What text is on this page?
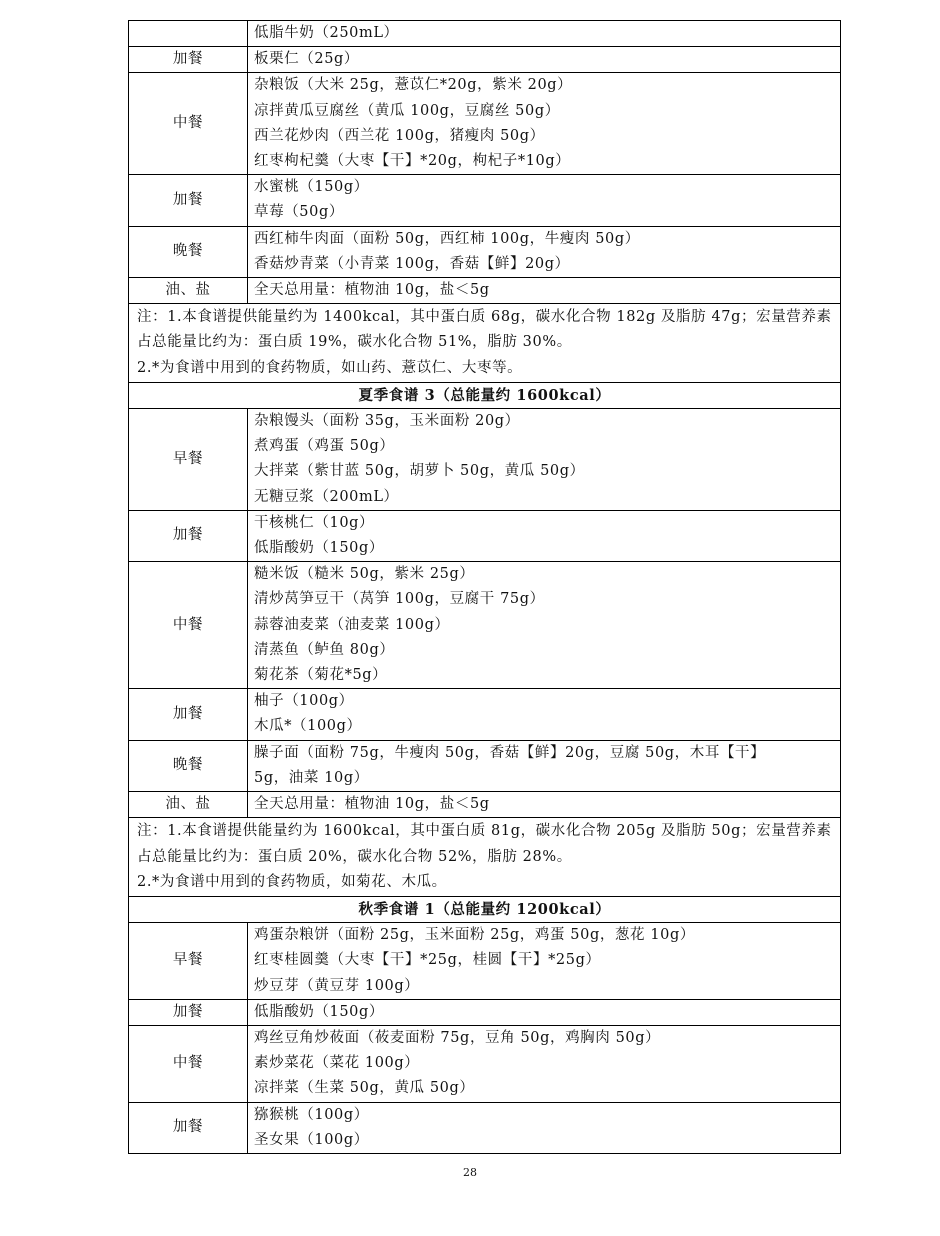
	低脂牛奶（250mL）

加餐	板栗仁（25g）

中餐	杂粮饭（大米 25g，薏苡仁*20g，紫米 20g）
凉拌黄瓜豆腐丝（黄瓜 100g，豆腐丝 50g）
西兰花炒肉（西兰花 100g，猪瘦肉 50g）
红枣枸杞羹（大枣【干】*20g，枸杞子*10g）

加餐	水蜜桃（150g）
草莓（50g）

晚餐	西红柿牛肉面（面粉 50g，西红柿 100g，牛瘦肉 50g）
香菇炒青菜（小青菜 100g，香菇【鲜】20g）

油、盐	全天总用量：植物油 10g，盐＜5g

注：1.本食谱提供能量约为 1400kcal，其中蛋白质 68g，碳水化合物 182g 及脂肪 47g；宏量营养素占总能量比约为：蛋白质 19%，碳水化合物 51%，脂肪 30%。
2.*为食谱中用到的食药物质，如山药、薏苡仁、大枣等。	

夏季食谱 3（总能量约 1600kcal）	
早餐	杂粮馒头（面粉 35g，玉米面粉 20g）
煮鸡蛋（鸡蛋 50g）
大拌菜（紫甘蓝 50g，胡萝卜 50g，黄瓜 50g）
无糖豆浆（200mL）

加餐	干核桃仁（10g）
低脂酸奶（150g）

中餐	糙米饭（糙米 50g，紫米 25g）
清炒莴笋豆干（莴笋 100g，豆腐干 75g）
蒜蓉油麦菜（油麦菜 100g）
清蒸鱼（鲈鱼 80g）
菊花茶（菊花*5g）

加餐	柚子（100g）
木瓜*（100g）

晚餐	臊子面（面粉 75g，牛瘦肉 50g，香菇【鲜】20g，豆腐 50g，木耳【干】
5g，油菜 10g）

油、盐	全天总用量：植物油 10g，盐＜5g

注：1.本食谱提供能量约为 1600kcal，其中蛋白质 81g，碳水化合物 205g 及脂肪 50g；宏量营养素占总能量比约为：蛋白质 20%，碳水化合物 52%，脂肪 28%。
2.*为食谱中用到的食药物质，如菊花、木瓜。	

秋季食谱 1（总能量约 1200kcal）	
早餐	鸡蛋杂粮饼（面粉 25g，玉米面粉 25g，鸡蛋 50g，葱花 10g）
红枣桂圆羹（大枣【干】*25g，桂圆【干】*25g）
炒豆芽（黄豆芽 100g）

加餐	低脂酸奶（150g）

中餐	鸡丝豆角炒莜面（莜麦面粉 75g，豆角 50g，鸡胸肉 50g）
素炒菜花（菜花 100g）
凉拌菜（生菜 50g，黄瓜 50g）

加餐	猕猴桃（100g）
圣女果（100g）
28
